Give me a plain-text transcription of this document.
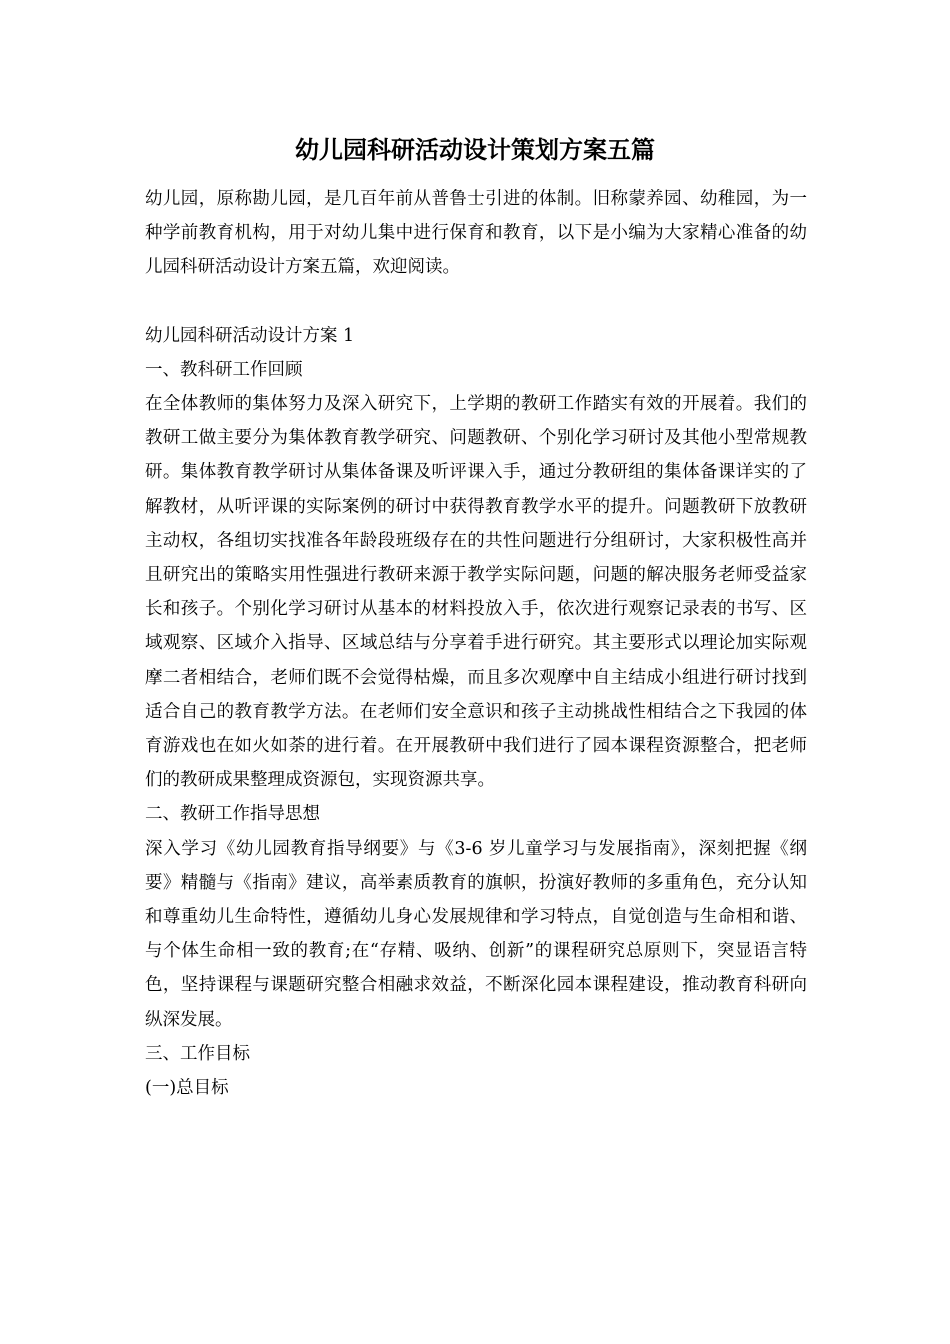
幼儿园科研活动设计策划方案五篇

幼儿园，原称勘儿园，是几百年前从普鲁士引进的体制。旧称蒙养园、幼稚园，为一种学前教育机构，用于对幼儿集中进行保育和教育，以下是小编为大家精心准备的幼儿园科研活动设计方案五篇，欢迎阅读。

幼儿园科研活动设计方案 1

一、教科研工作回顾

在全体教师的集体努力及深入研究下，上学期的教研工作踏实有效的开展着。我们的教研工做主要分为集体教育教学研究、问题教研、个别化学习研讨及其他小型常规教研。集体教育教学研讨从集体备课及听评课入手，通过分教研组的集体备课详实的了解教材，从听评课的实际案例的研讨中获得教育教学水平的提升。问题教研下放教研主动权，各组切实找准各年龄段班级存在的共性问题进行分组研讨，大家积极性高并且研究出的策略实用性强进行教研来源于教学实际问题，问题的解决服务老师受益家长和孩子。个别化学习研讨从基本的材料投放入手，依次进行观察记录表的书写、区域观察、区域介入指导、区域总结与分享着手进行研究。其主要形式以理论加实际观摩二者相结合，老师们既不会觉得枯燥，而且多次观摩中自主结成小组进行研讨找到适合自己的教育教学方法。在老师们安全意识和孩子主动挑战性相结合之下我园的体育游戏也在如火如荼的进行着。在开展教研中我们进行了园本课程资源整合，把老师们的教研成果整理成资源包，实现资源共享。

二、教研工作指导思想

深入学习《幼儿园教育指导纲要》与《3-6 岁儿童学习与发展指南》，深刻把握《纲要》精髓与《指南》建议，高举素质教育的旗帜，扮演好教师的多重角色，充分认知和尊重幼儿生命特性，遵循幼儿身心发展规律和学习特点，自觉创造与生命相和谐、与个体生命相一致的教育;在“存精、吸纳、创新”的课程研究总原则下，突显语言特色，坚持课程与课题研究整合相融求效益，不断深化园本课程建设，推动教育科研向纵深发展。

三、工作目标

(一)总目标
